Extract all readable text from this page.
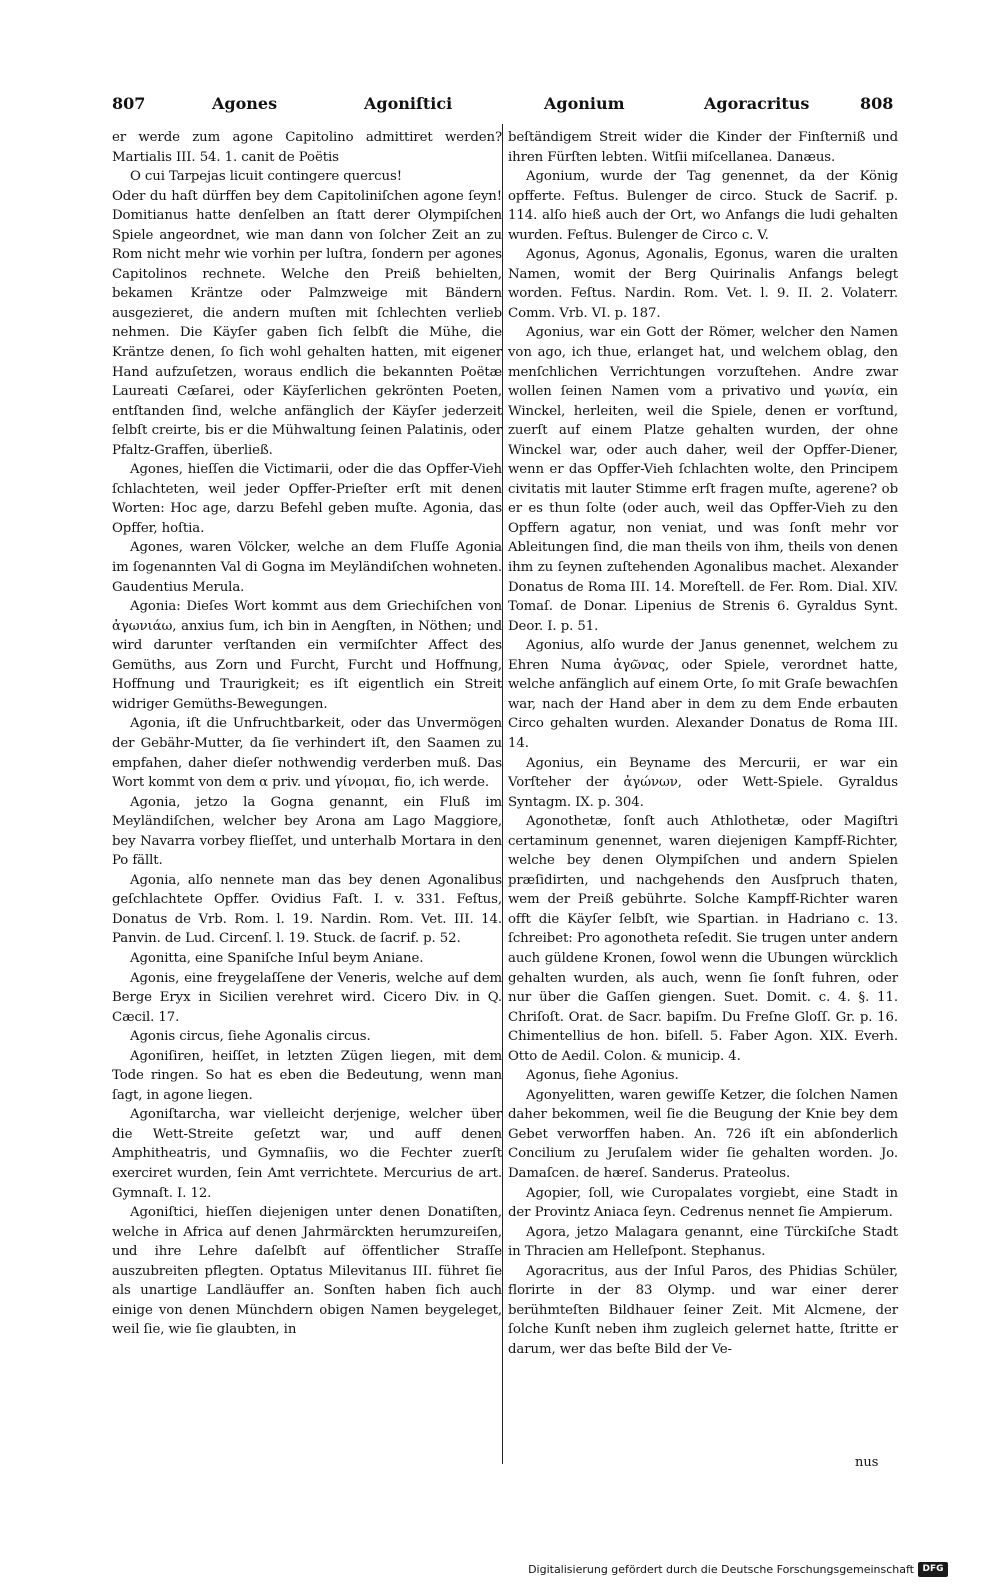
807	Agones	Agoniſtici	Agonium	Agoracritus	808

er werde zum agone Capitolino admittiret werden? Martialis III. 54. 1. canit de Poëtis

O cui Tarpejas licuit contingere quercus!

Oder du haſt dürffen bey dem Capitoliniſchen agone ſeyn! Domitianus hatte denſelben an ſtatt derer Olympiſchen Spiele angeordnet, wie man dann von ſolcher Zeit an zu Rom nicht mehr wie vorhin per luſtra, ſondern per agones Capitolinos rechnete. Welche den Preiß behielten, bekamen Kräntze oder Palmzweige mit Bändern ausgezieret, die andern muſten mit ſchlechten verlieb nehmen. Die Käyſer gaben ſich ſelbſt die Mühe, die Kräntze denen, ſo ſich wohl gehalten hatten, mit eigener Hand aufzuſetzen, woraus endlich die bekannten Poëtæ Laureati Cæſarei, oder Käyſerlichen gekrönten Poeten, entſtanden ſind, welche anfänglich der Käyſer jederzeit ſelbſt creirte, bis er die Mühwaltung ſeinen Palatinis, oder Pfaltz-Graffen, überließ.

Agones, hieſſen die Victimarii, oder die das Opffer-Vieh ſchlachteten, weil jeder Opffer-Prieſter erſt mit denen Worten: Hoc age, darzu Befehl geben muſte. Agonia, das Opffer, hoſtia.

Agones, waren Völcker, welche an dem Fluſſe Agonia im ſogenannten Val di Gogna im Meyländiſchen wohneten. Gaudentius Merula.

Agonia: Dieſes Wort kommt aus dem Griechiſchen von ἀγωνιάω, anxius ſum, ich bin in Aengſten, in Nöthen; und wird darunter verſtanden ein vermiſchter Affect des Gemüths, aus Zorn und Furcht, Furcht und Hoffnung, Hoffnung und Traurigkeit; es iſt eigentlich ein Streit widriger Gemüths-Bewegungen.

Agonia, iſt die Unfruchtbarkeit, oder das Unvermögen der Gebähr-Mutter, da ſie verhindert iſt, den Saamen zu empfahen, daher dieſer nothwendig verderben muß. Das Wort kommt von dem α priv. und γίνομαι, fio, ich werde.

Agonia, jetzo la Gogna genannt, ein Fluß im Meyländiſchen, welcher bey Arona am Lago Maggiore, bey Navarra vorbey flieſſet, und unterhalb Mortara in den Po fällt.

Agonia, alſo nennete man das bey denen Agonalibus geſchlachtete Opffer. Ovidius Faſt. I. v. 331. Feſtus, Donatus de Vrb. Rom. l. 19. Nardin. Rom. Vet. III. 14. Panvin. de Lud. Circenſ. l. 19. Stuck. de ſacrif. p. 52.

Agonitta, eine Spaniſche Inſul beym Aniane.

Agonis, eine freygelaſſene der Veneris, welche auf dem Berge Eryx in Sicilien verehret wird. Cicero Div. in Q. Cæcil. 17.

Agonis circus, ſiehe Agonalis circus.

Agoniſiren, heiſſet, in letzten Zügen liegen, mit dem Tode ringen. So hat es eben die Bedeutung, wenn man ſagt, in agone liegen.

Agoniſtarcha, war vielleicht derjenige, welcher über die Wett-Streite geſetzt war, und auff denen Amphitheatris, und Gymnaſiis, wo die Fechter zuerſt exerciret wurden, ſein Amt verrichtete. Mercurius de art. Gymnaſt. I. 12.

Agoniſtici, hieſſen diejenigen unter denen Donatiſten, welche in Africa auf denen Jahrmärckten herumzureiſen, und ihre Lehre daſelbſt auf öffentlicher Straſſe auszubreiten pflegten. Optatus Milevitanus III. führet ſie als unartige Landläuffer an. Sonſten haben ſich auch einige von denen Münchdern obigen Namen beygeleget, weil ſie, wie ſie glaubten, in

beſtändigem Streit wider die Kinder der Finſterniß und ihren Fürſten lebten. Witſii miſcellanea. Danæus.

Agonium, wurde der Tag genennet, da der König opfferte. Feſtus. Bulenger de circo. Stuck de Sacrif. p. 114. alſo hieß auch der Ort, wo Anfangs die ludi gehalten wurden. Feſtus. Bulenger de Circo c. V.

Agonus, Agonus, Agonalis, Egonus, waren die uralten Namen, womit der Berg Quirinalis Anfangs belegt worden. Feſtus. Nardin. Rom. Vet. l. 9. II. 2. Volaterr. Comm. Vrb. VI. p. 187.

Agonius, war ein Gott der Römer, welcher den Namen von ago, ich thue, erlanget hat, und welchem oblag, den menſchlichen Verrichtungen vorzuſtehen. Andre zwar wollen ſeinen Namen vom a privativo und γωνία, ein Winckel, herleiten, weil die Spiele, denen er vorſtund, zuerſt auf einem Platze gehalten wurden, der ohne Winckel war, oder auch daher, weil der Opffer-Diener, wenn er das Opffer-Vieh ſchlachten wolte, den Principem civitatis mit lauter Stimme erſt fragen muſte, agerene? ob er es thun ſolte (oder auch, weil das Opffer-Vieh zu den Opffern agatur, non veniat, und was ſonſt mehr vor Ableitungen ſind, die man theils von ihm, theils von denen ihm zu ſeynen zuſtehenden Agonalibus machet. Alexander Donatus de Roma III. 14. Moreſtell. de Fer. Rom. Dial. XIV. Tomaſ. de Donar. Lipenius de Strenis 6. Gyraldus Synt. Deor. I. p. 51.

Agonius, alſo wurde der Janus genennet, welchem zu Ehren Numa ἀγῶνας, oder Spiele, verordnet hatte, welche anfänglich auf einem Orte, ſo mit Graſe bewachſen war, nach der Hand aber in dem zu dem Ende erbauten Circo gehalten wurden. Alexander Donatus de Roma III. 14.

Agonius, ein Beyname des Mercurii, er war ein Vorſteher der ἀγώνων, oder Wett-Spiele. Gyraldus Syntagm. IX. p. 304.

Agonothetæ, ſonſt auch Athlothetæ, oder Magiſtri certaminum genennet, waren diejenigen Kampff-Richter, welche bey denen Olympiſchen und andern Spielen præſidirten, und nachgehends den Ausſpruch thaten, wem der Preiß gebührte. Solche Kampff-Richter waren offt die Käyſer ſelbſt, wie Spartian. in Hadriano c. 13. ſchreibet: Pro agonotheta reſedit. Sie trugen unter andern auch güldene Kronen, ſowol wenn die Ubungen würcklich gehalten wurden, als auch, wenn ſie ſonſt fuhren, oder nur über die Gaſſen giengen. Suet. Domit. c. 4. §. 11. Chriſoſt. Orat. de Sacr. bapiſm. Du Freſne Gloſſ. Gr. p. 16. Chimentellius de hon. biſell. 5. Faber Agon. XIX. Everh. Otto de Aedil. Colon. & municip. 4.

Agonus, ſiehe Agonius.

Agonyelitten, waren gewiſſe Ketzer, die ſolchen Namen daher bekommen, weil ſie die Beugung der Knie bey dem Gebet verworffen haben. An. 726 iſt ein abſonderlich Concilium zu Jeruſalem wider ſie gehalten worden. Jo. Damaſcen. de hæreſ. Sanderus. Prateolus.

Agopier, ſoll, wie Curopalates vorgiebt, eine Stadt in der Provintz Aniaca ſeyn. Cedrenus nennet ſie Ampierum.

Agora, jetzo Malagara genannt, eine Türckiſche Stadt in Thracien am Helleſpont. Stephanus.

Agoracritus, aus der Inſul Paros, des Phidias Schüler, florirte in der 83 Olymp. und war einer derer berühmteſten Bildhauer ſeiner Zeit. Mit Alcmene, der ſolche Kunſt neben ihm zugleich gelernet hatte, ſtritte er darum, wer das beſte Bild der Ve-

nus
Digitalisierung gefördert durch die Deutsche Forschungsgemeinschaft DFG
